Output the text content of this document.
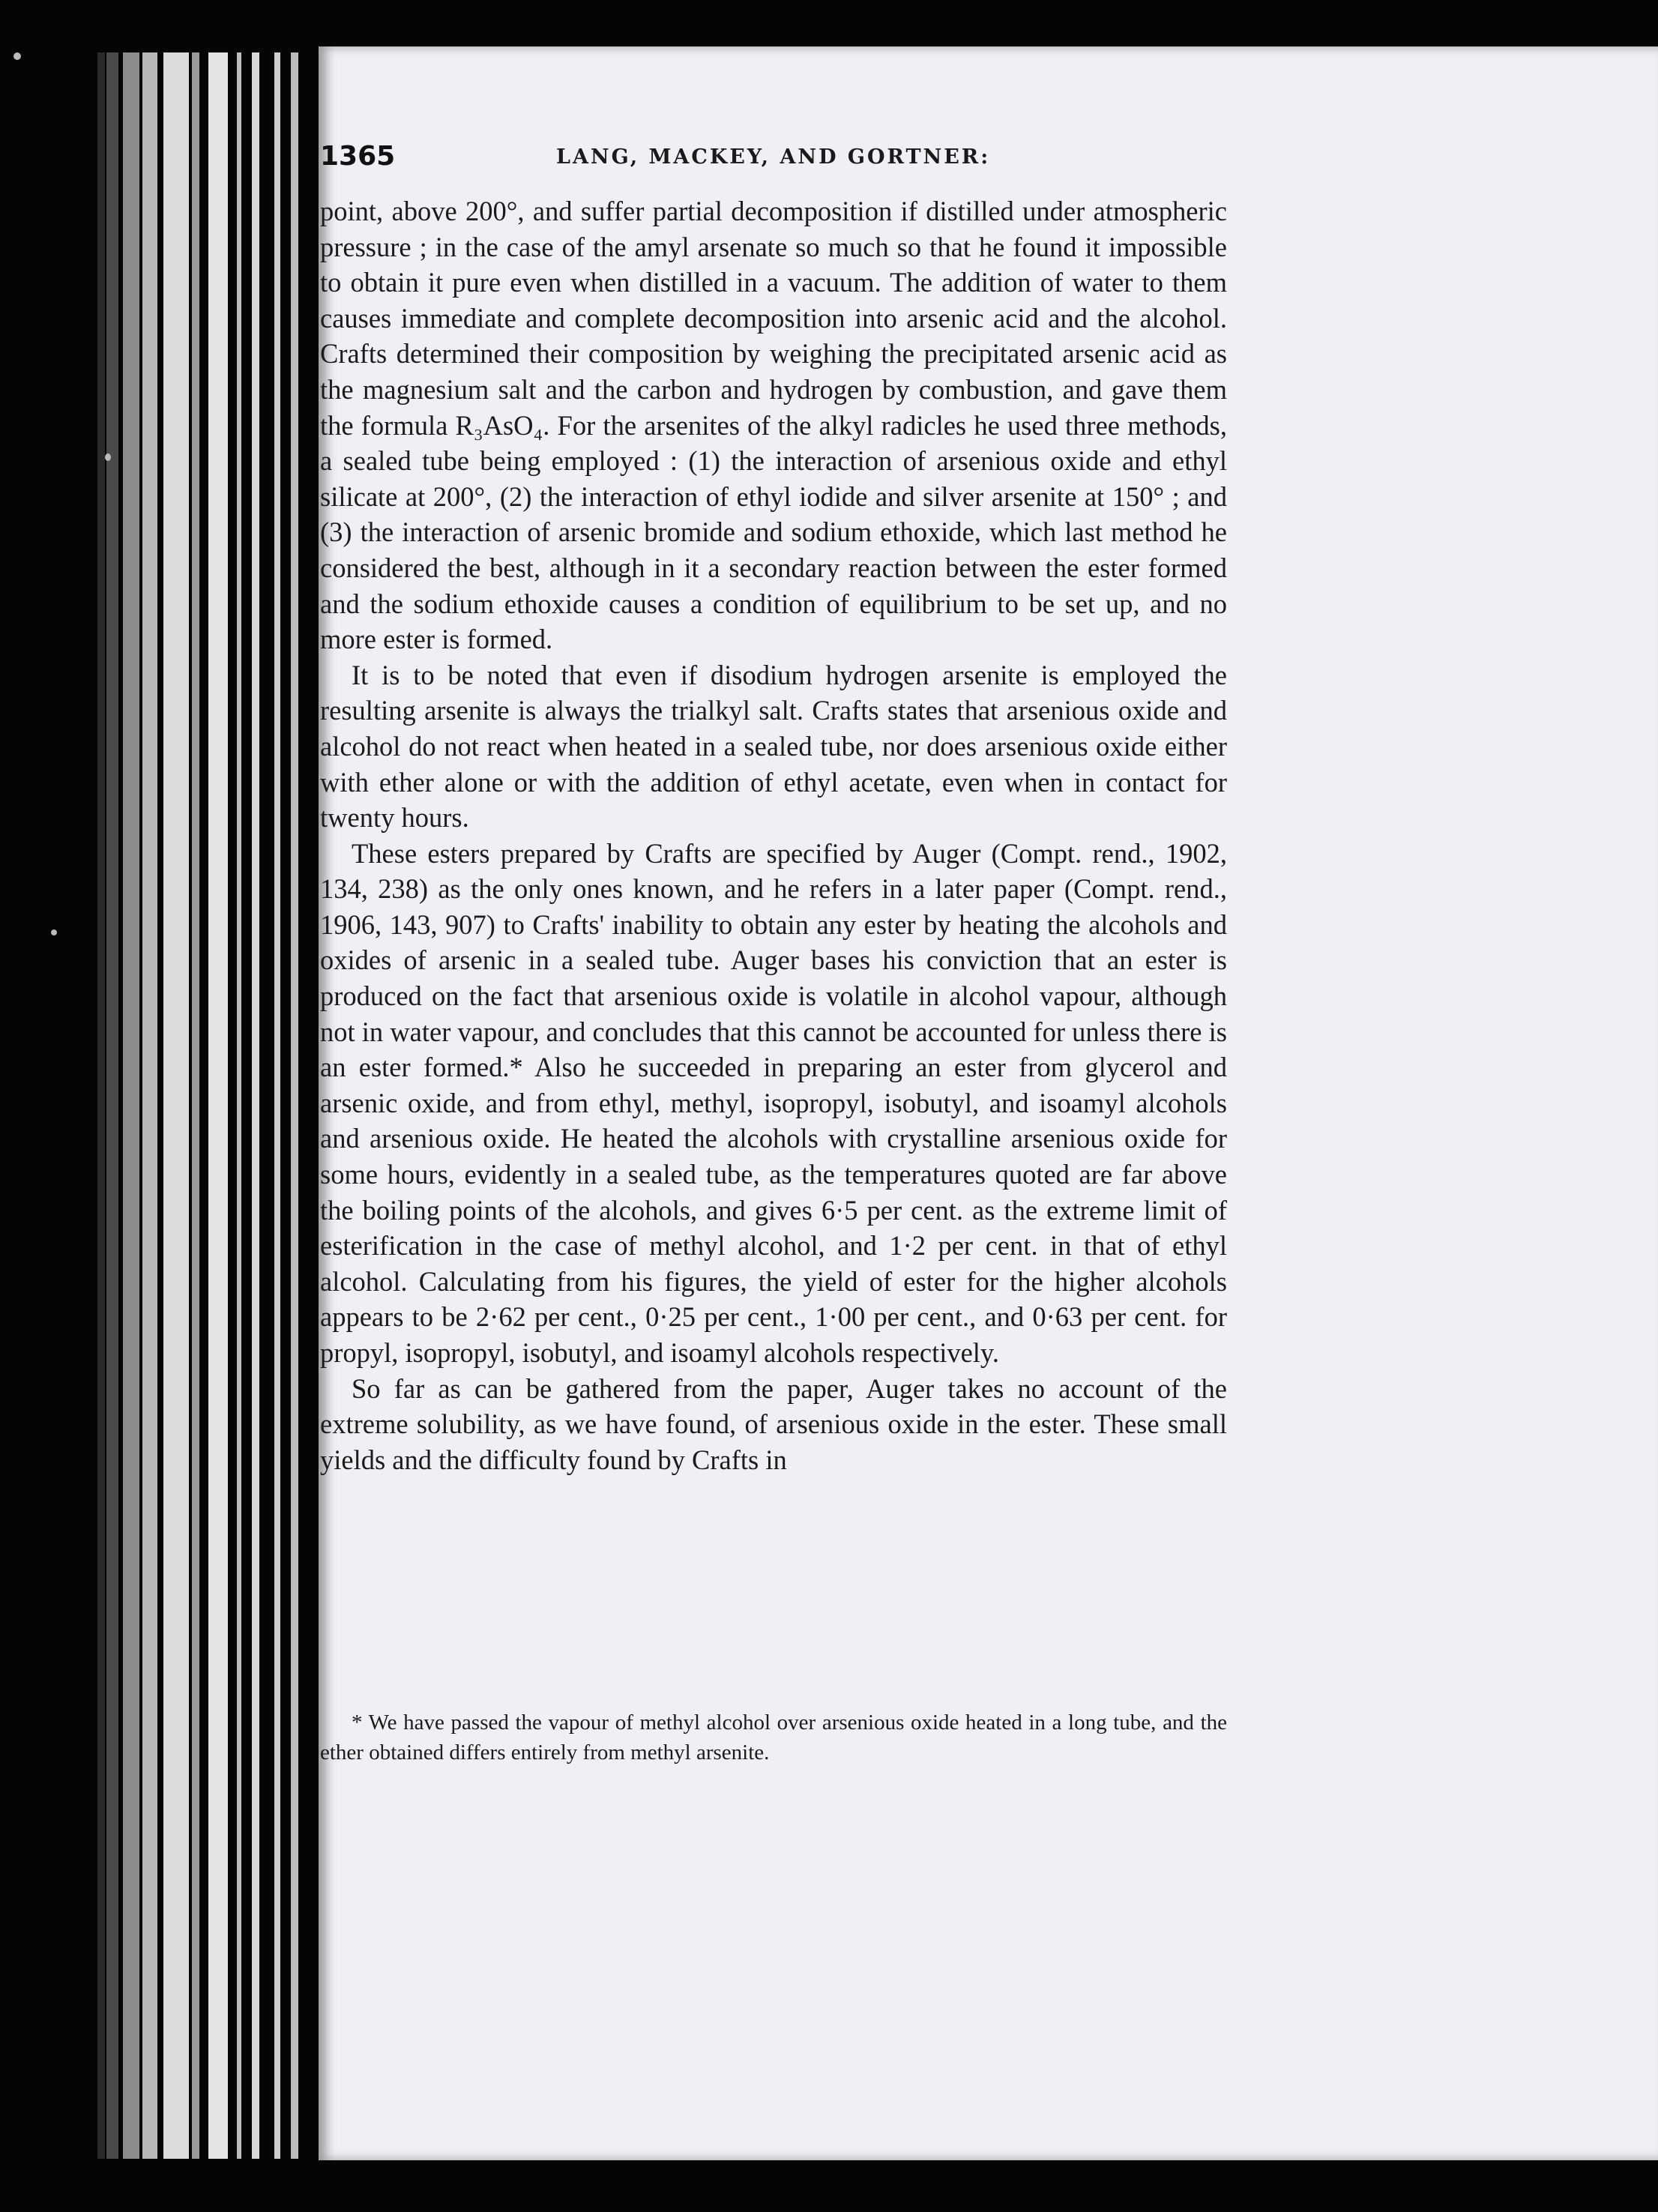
1365	LANG, MACKEY, AND GORTNER:

point, above 200°, and suffer partial decomposition if distilled under atmospheric pressure ; in the case of the amyl arsenate so much so that he found it impossible to obtain it pure even when distilled in a vacuum. The addition of water to them causes immediate and complete decomposition into arsenic acid and the alcohol. Crafts determined their composition by weighing the precipitated arsenic acid as the magnesium salt and the carbon and hydrogen by combustion, and gave them the formula R₃AsO₄. For the arsenites of the alkyl radicles he used three methods, a sealed tube being employed : (1) the interaction of arsenious oxide and ethyl silicate at 200°, (2) the interaction of ethyl iodide and silver arsenite at 150° ; and (3) the interaction of arsenic bromide and sodium ethoxide, which last method he considered the best, although in it a secondary reaction between the ester formed and the sodium ethoxide causes a condition of equilibrium to be set up, and no more ester is formed.

It is to be noted that even if disodium hydrogen arsenite is employed the resulting arsenite is always the trialkyl salt. Crafts states that arsenious oxide and alcohol do not react when heated in a sealed tube, nor does arsenious oxide either with ether alone or with the addition of ethyl acetate, even when in contact for twenty hours.

These esters prepared by Crafts are specified by Auger (Compt. rend., 1902, 134, 238) as the only ones known, and he refers in a later paper (Compt. rend., 1906, 143, 907) to Crafts' inability to obtain any ester by heating the alcohols and oxides of arsenic in a sealed tube. Auger bases his conviction that an ester is produced on the fact that arsenious oxide is volatile in alcohol vapour, although not in water vapour, and concludes that this cannot be accounted for unless there is an ester formed.* Also he succeeded in preparing an ester from glycerol and arsenic oxide, and from ethyl, methyl, isopropyl, isobutyl, and isoamyl alcohols and arsenious oxide. He heated the alcohols with crystalline arsenious oxide for some hours, evidently in a sealed tube, as the temperatures quoted are far above the boiling points of the alcohols, and gives 6·5 per cent. as the extreme limit of esterification in the case of methyl alcohol, and 1·2 per cent. in that of ethyl alcohol. Calculating from his figures, the yield of ester for the higher alcohols appears to be 2·62 per cent., 0·25 per cent., 1·00 per cent., and 0·63 per cent. for propyl, isopropyl, isobutyl, and isoamyl alcohols respectively.

So far as can be gathered from the paper, Auger takes no account of the extreme solubility, as we have found, of arsenious oxide in the ester. These small yields and the difficulty found by Crafts in

* We have passed the vapour of methyl alcohol over arsenious oxide heated in a long tube, and the ether obtained differs entirely from methyl arsenite.
